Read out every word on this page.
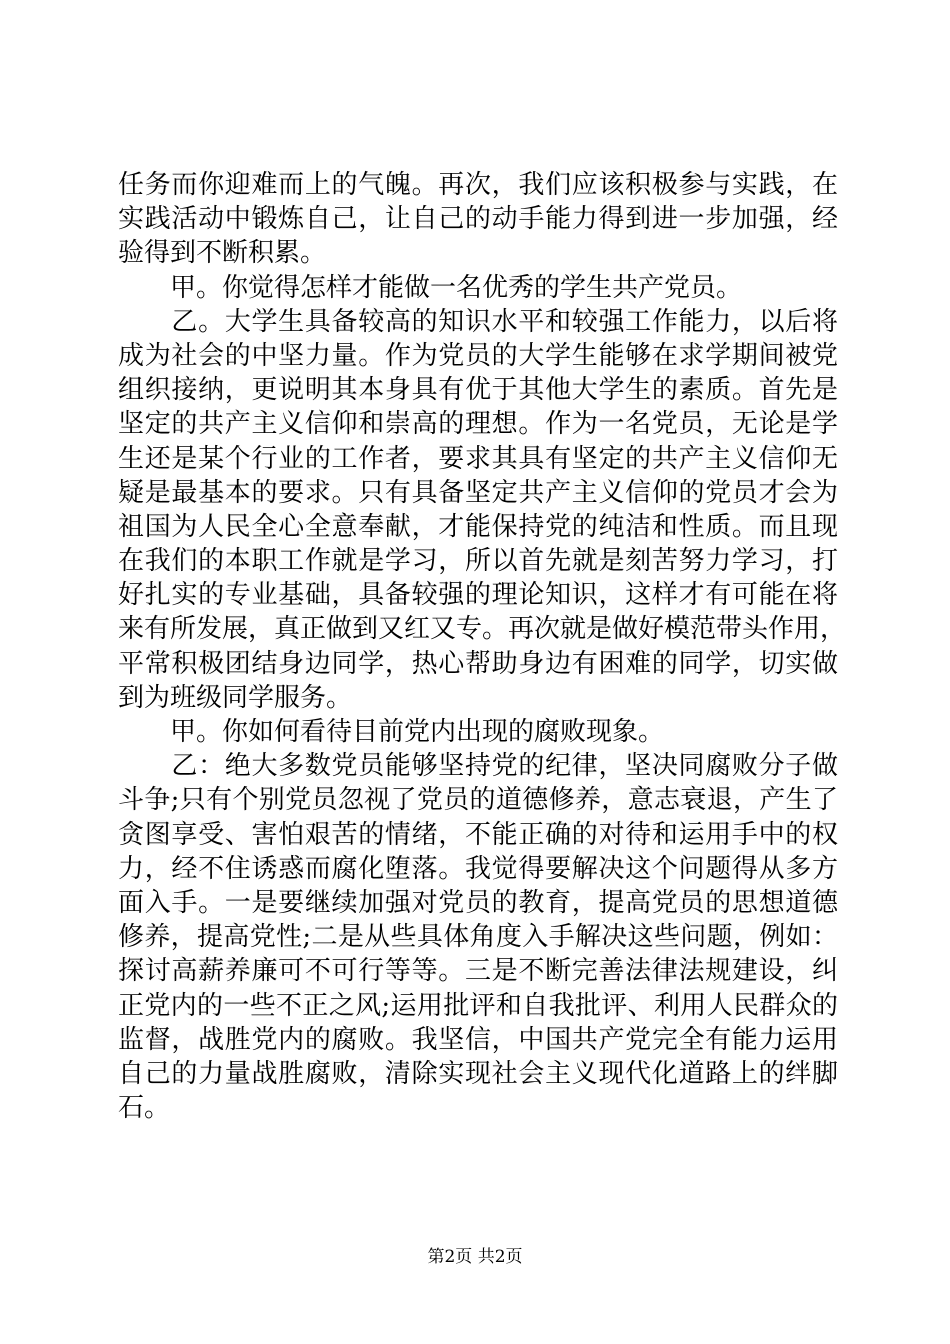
任务而你迎难而上的气魄。再次，我们应该积极参与实践，在
实践活动中锻炼自己，让自己的动手能力得到进一步加强，经
验得到不断积累。
　　甲。你觉得怎样才能做一名优秀的学生共产党员。
　　乙。大学生具备较高的知识水平和较强工作能力，以后将
成为社会的中坚力量。作为党员的大学生能够在求学期间被党
组织接纳，更说明其本身具有优于其他大学生的素质。首先是
坚定的共产主义信仰和崇高的理想。作为一名党员，无论是学
生还是某个行业的工作者，要求其具有坚定的共产主义信仰无
疑是最基本的要求。只有具备坚定共产主义信仰的党员才会为
祖国为人民全心全意奉献，才能保持党的纯洁和性质。而且现
在我们的本职工作就是学习，所以首先就是刻苦努力学习，打
好扎实的专业基础，具备较强的理论知识，这样才有可能在将
来有所发展，真正做到又红又专。再次就是做好模范带头作用，
平常积极团结身边同学，热心帮助身边有困难的同学，切实做
到为班级同学服务。
　　甲。你如何看待目前党内出现的腐败现象。
　　乙：绝大多数党员能够坚持党的纪律，坚决同腐败分子做
斗争;只有个别党员忽视了党员的道德修养，意志衰退，产生了
贪图享受、害怕艰苦的情绪，不能正确的对待和运用手中的权
力，经不住诱惑而腐化堕落。我觉得要解决这个问题得从多方
面入手。一是要继续加强对党员的教育，提高党员的思想道德
修养，提高党性;二是从些具体角度入手解决这些问题，例如：
探讨高薪养廉可不可行等等。三是不断完善法律法规建设，纠
正党内的一些不正之风;运用批评和自我批评、利用人民群众的
监督，战胜党内的腐败。我坚信，中国共产党完全有能力运用
自己的力量战胜腐败，清除实现社会主义现代化道路上的绊脚
石。
第2页 共2页
